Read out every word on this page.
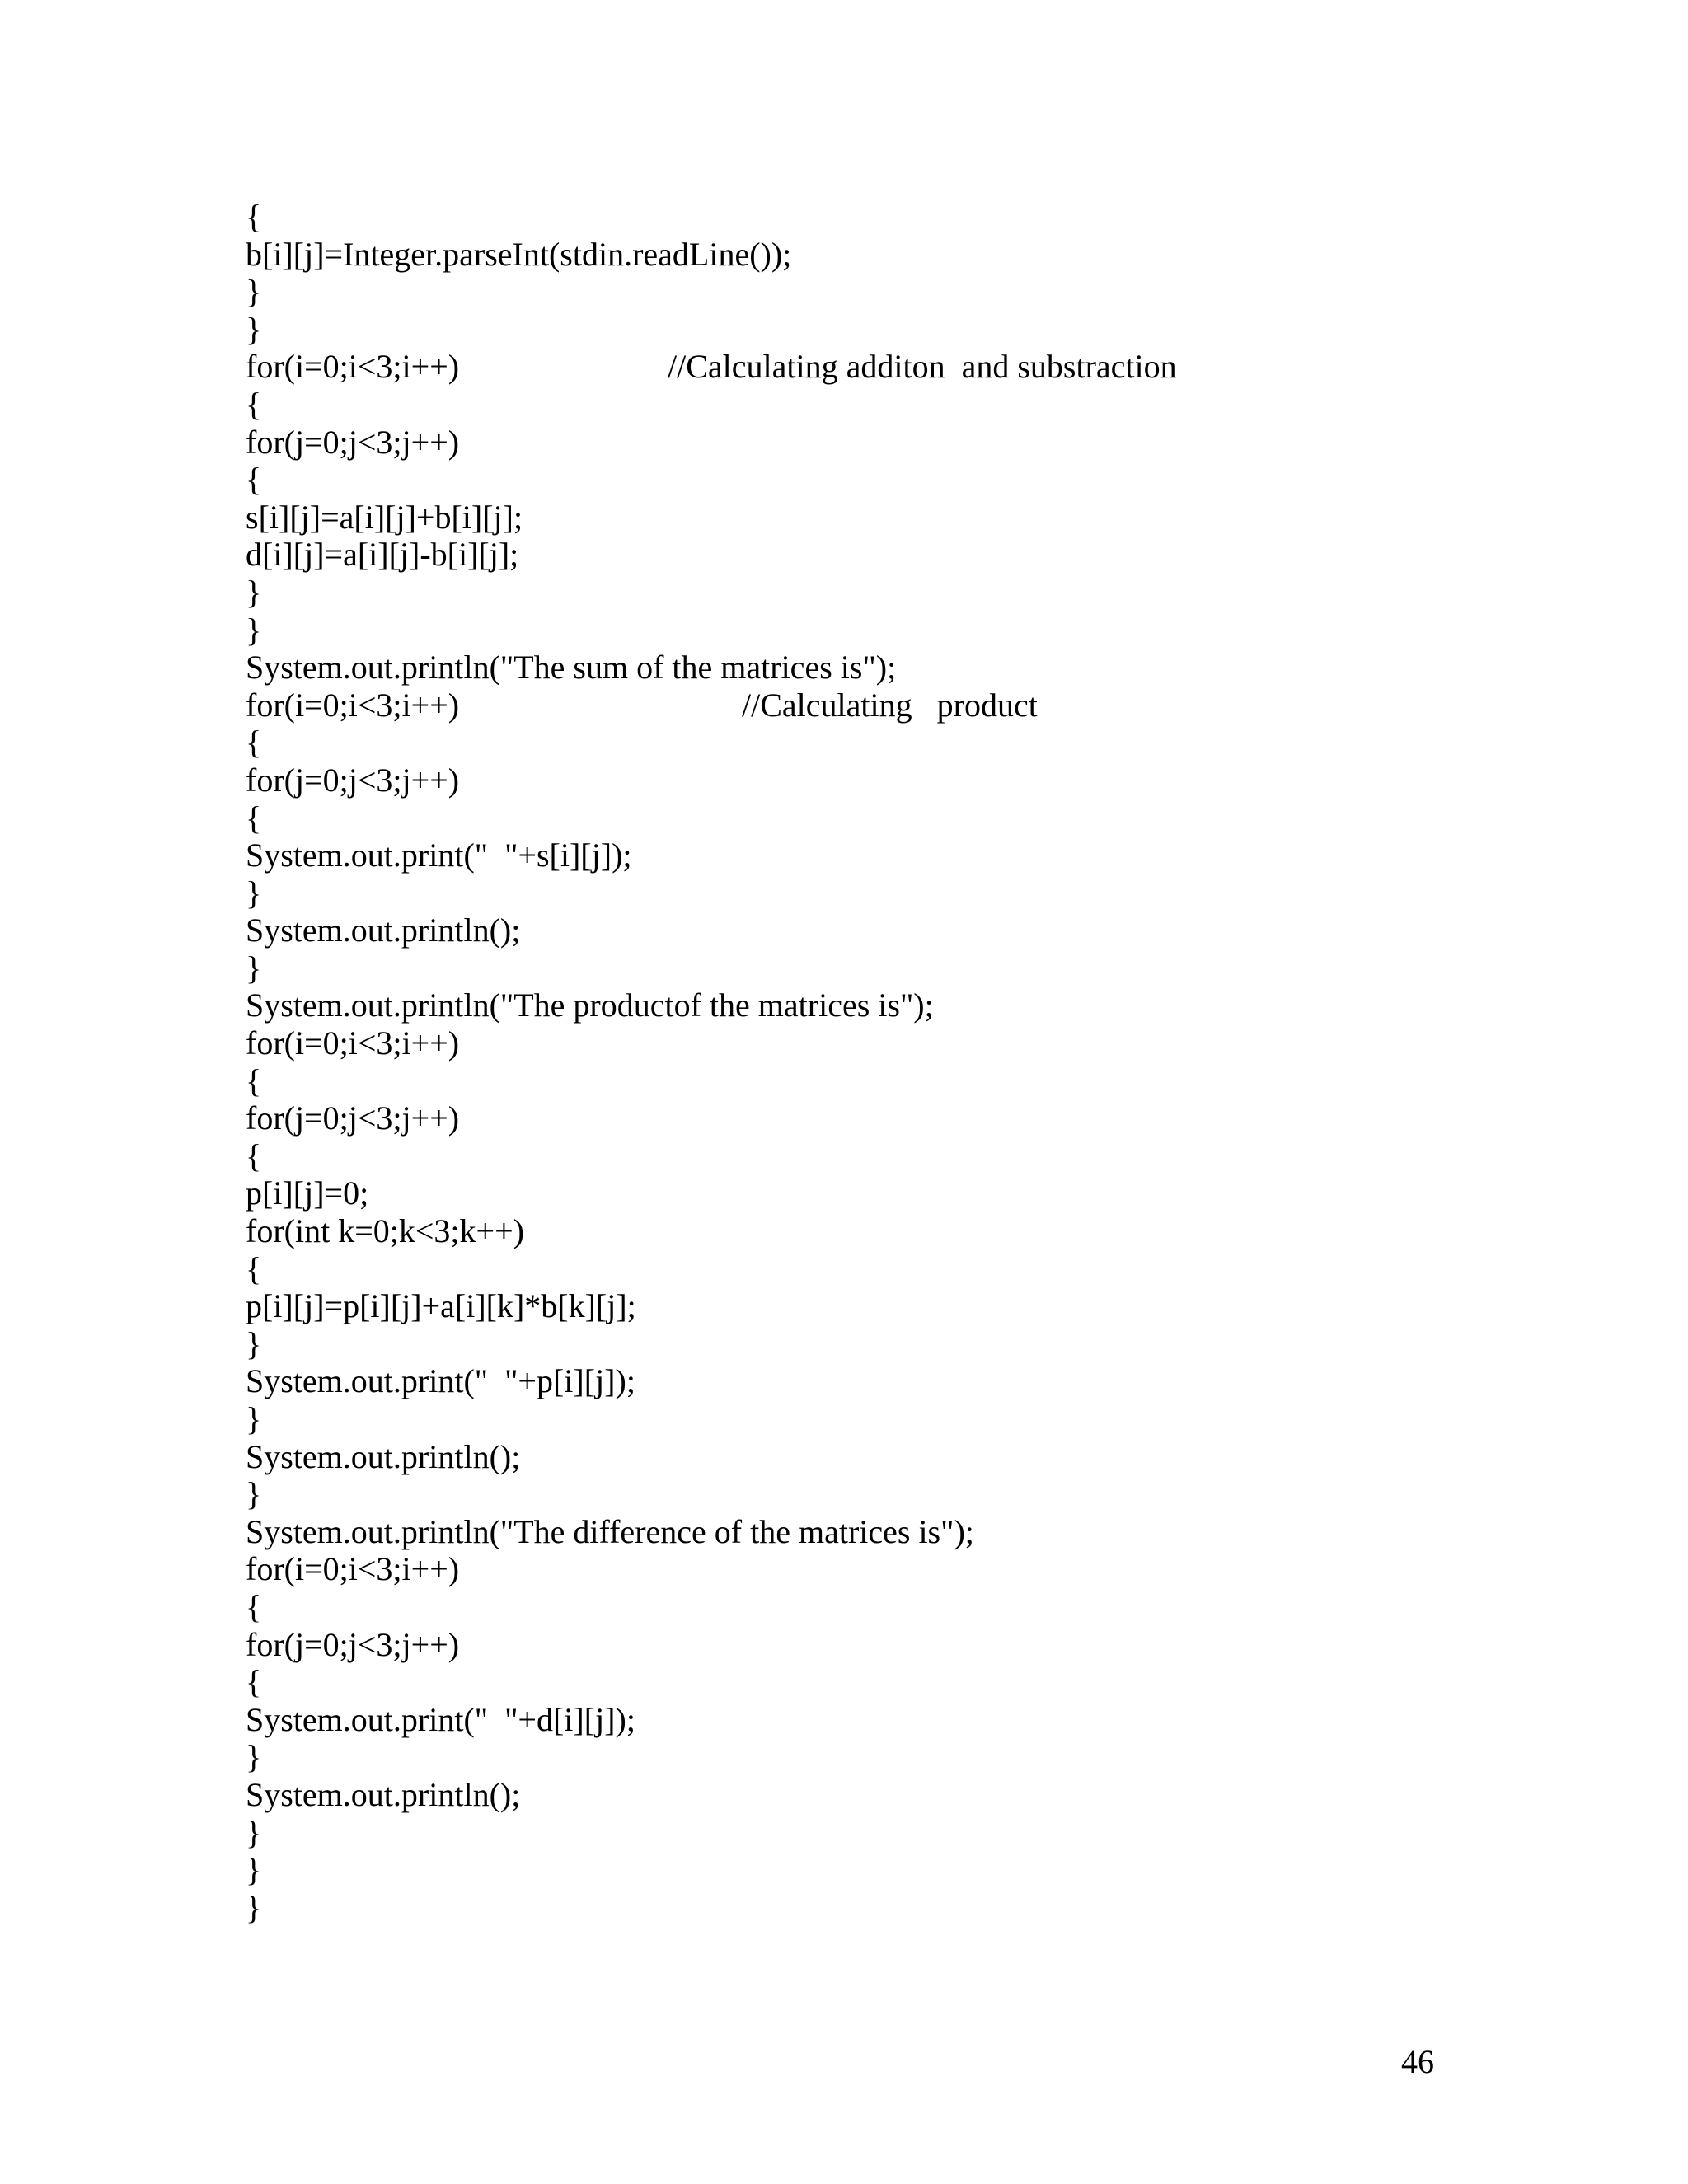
{
b[i][j]=Integer.parseInt(stdin.readLine());
}
}
for(i=0;i<3;i++)	//Calculating additon  and substraction
{
for(j=0;j<3;j++)
{
s[i][j]=a[i][j]+b[i][j];
d[i][j]=a[i][j]-b[i][j];
}
}
System.out.println("The sum of the matrices is");
for(i=0;i<3;i++)	//Calculating   product
{
for(j=0;j<3;j++)
{
System.out.print("  "+s[i][j]);
}
System.out.println();
}
System.out.println("The productof the matrices is");
for(i=0;i<3;i++)
{
for(j=0;j<3;j++)
{
p[i][j]=0;
for(int k=0;k<3;k++)
{
p[i][j]=p[i][j]+a[i][k]*b[k][j];
}
System.out.print("  "+p[i][j]);
}
System.out.println();
}
System.out.println("The difference of the matrices is");
for(i=0;i<3;i++)
{
for(j=0;j<3;j++)
{
System.out.print("  "+d[i][j]);
}
System.out.println();
}
}
}
46
